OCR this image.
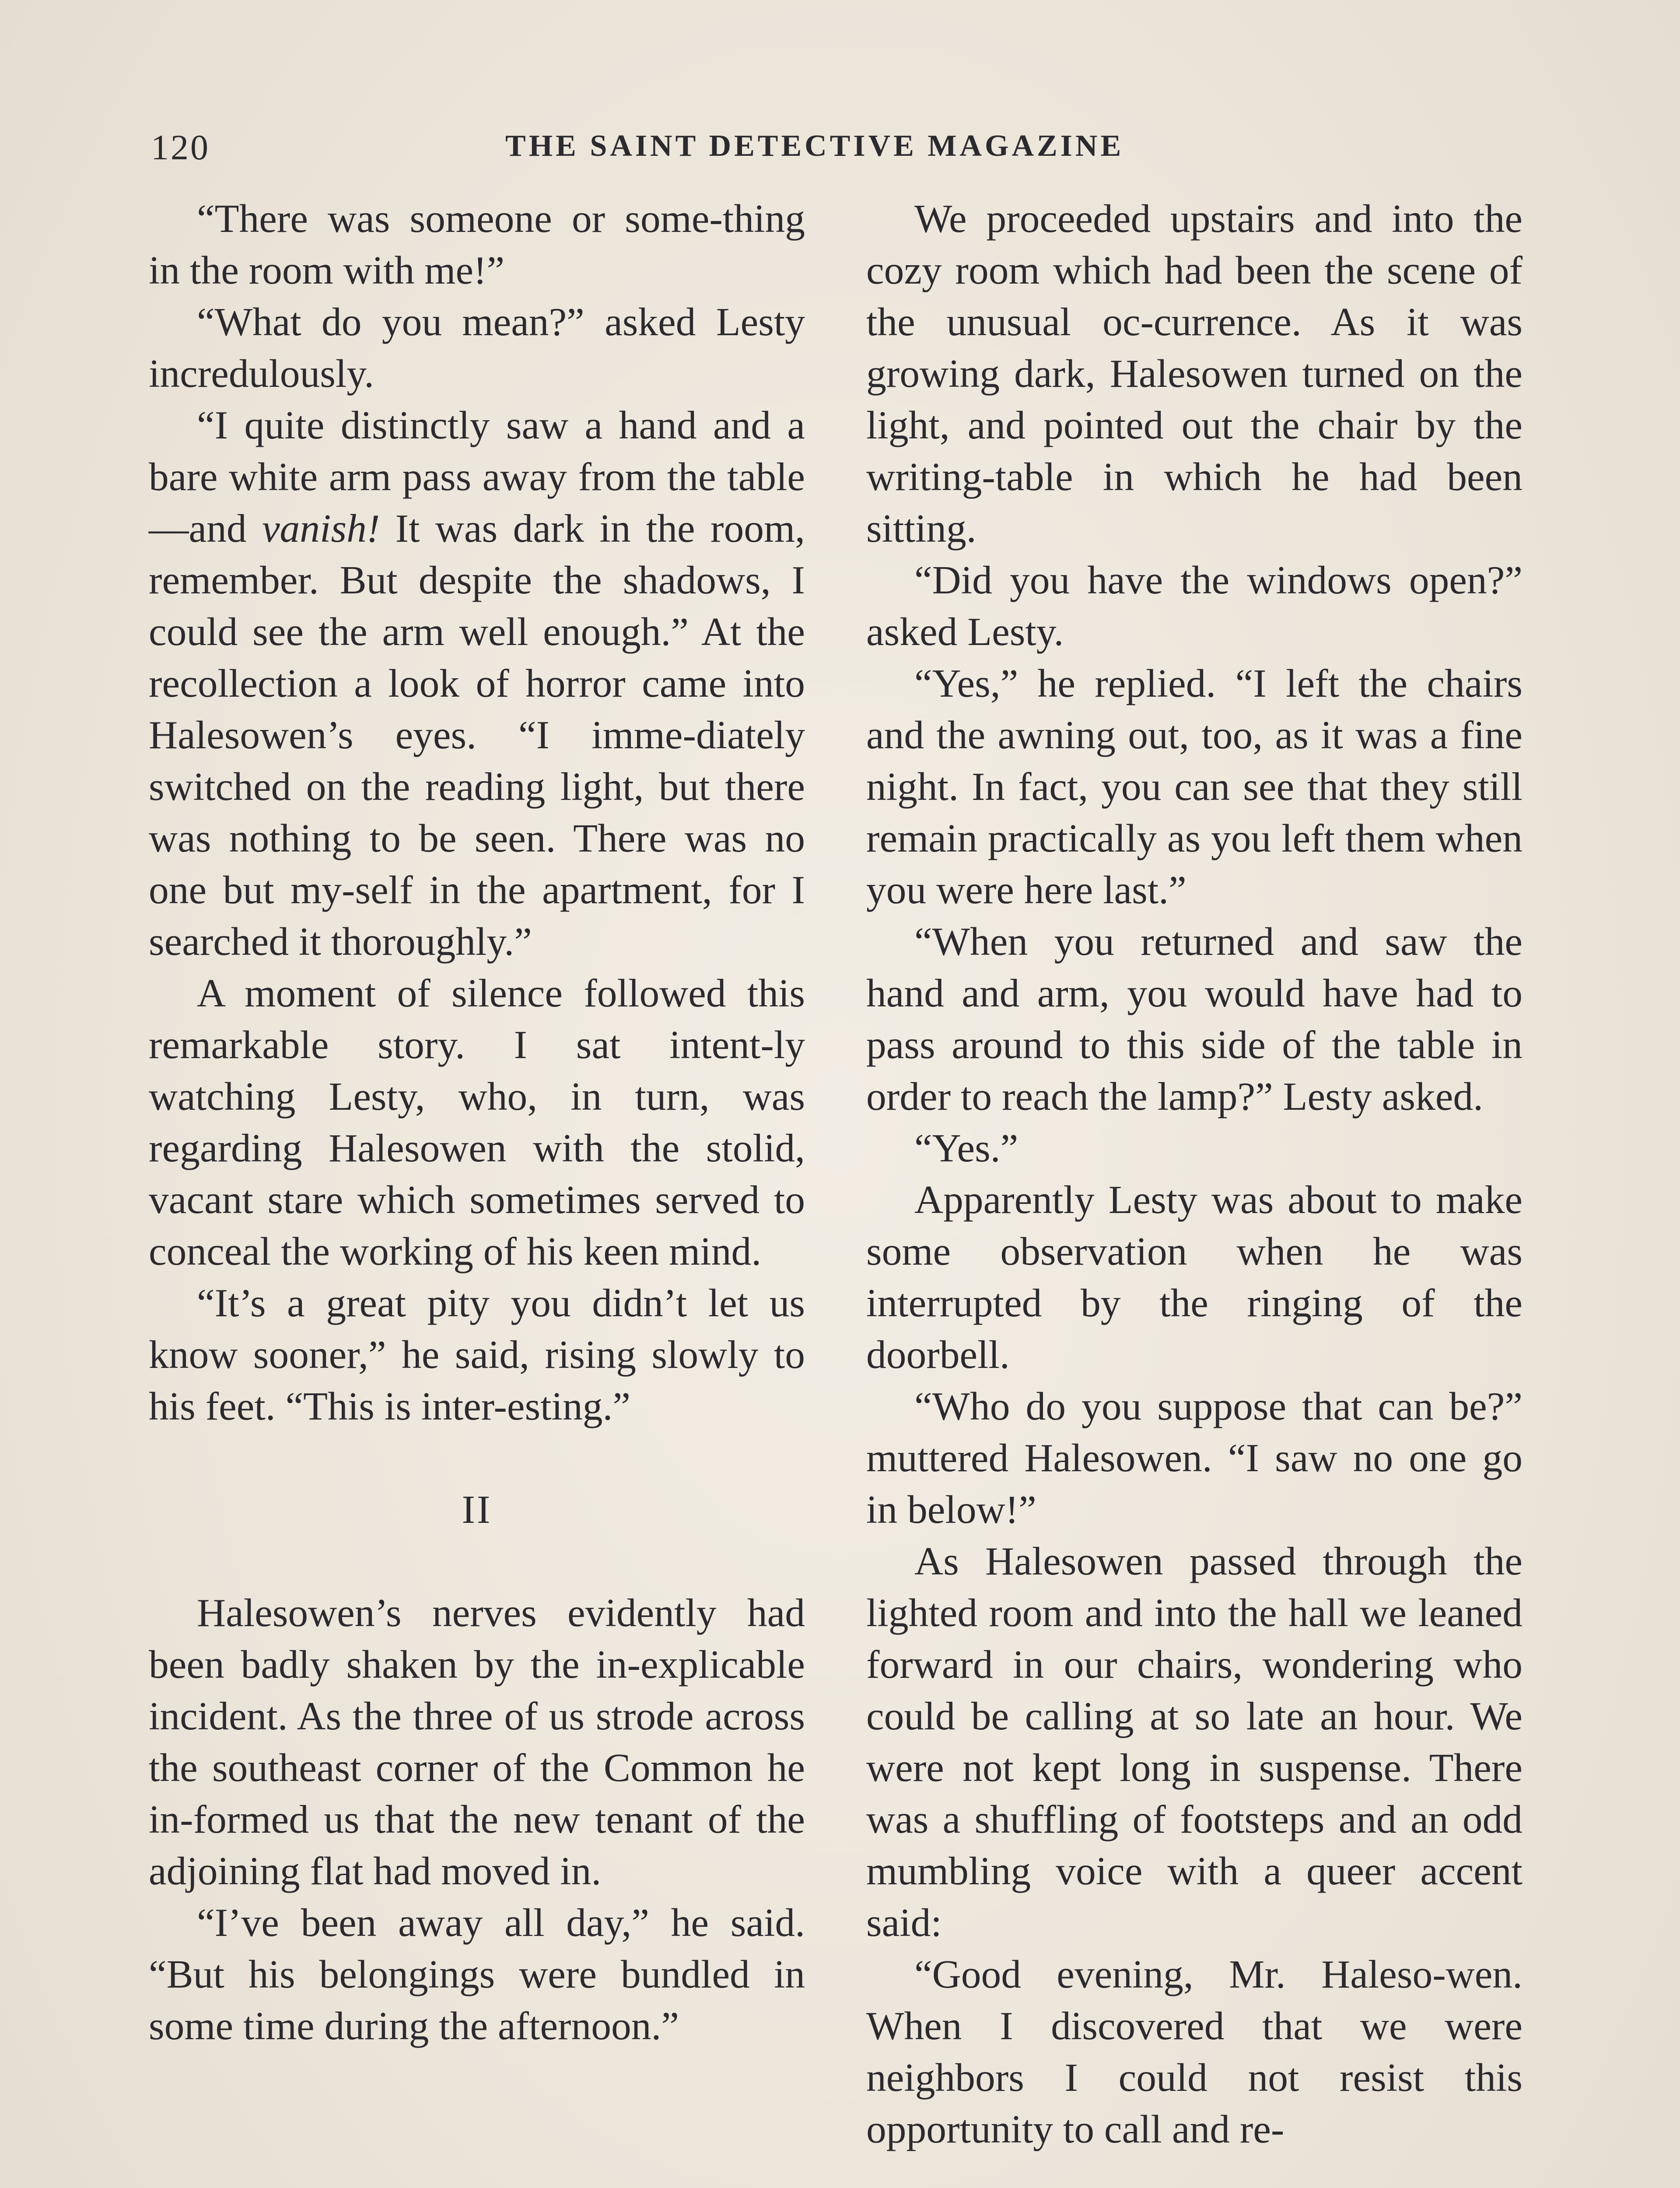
120	THE SAINT DETECTIVE MAGAZINE

“There was someone or some-thing in the room with me!”

“What do you mean?” asked Lesty incredulously.

“I quite distinctly saw a hand and a bare white arm pass away from the table—and vanish! It was dark in the room, remember. But despite the shadows, I could see the arm well enough.” At the recollection a look of horror came into Halesowen’s eyes. “I imme-diately switched on the reading light, but there was nothing to be seen. There was no one but my-self in the apartment, for I searched it thoroughly.”

A moment of silence followed this remarkable story. I sat intent-ly watching Lesty, who, in turn, was regarding Halesowen with the stolid, vacant stare which sometimes served to conceal the working of his keen mind.

“It’s a great pity you didn’t let us know sooner,” he said, rising slowly to his feet. “This is inter-esting.”

II

Halesowen’s nerves evidently had been badly shaken by the in-explicable incident. As the three of us strode across the southeast corner of the Common he in-formed us that the new tenant of the adjoining flat had moved in.

“I’ve been away all day,” he said. “But his belongings were bundled in some time during the afternoon.”

We proceeded upstairs and into the cozy room which had been the scene of the unusual oc-currence. As it was growing dark, Halesowen turned on the light, and pointed out the chair by the writing-table in which he had been sitting.

“Did you have the windows open?” asked Lesty.

“Yes,” he replied. “I left the chairs and the awning out, too, as it was a fine night. In fact, you can see that they still remain practically as you left them when you were here last.”

“When you returned and saw the hand and arm, you would have had to pass around to this side of the table in order to reach the lamp?” Lesty asked.

“Yes.”

Apparently Lesty was about to make some observation when he was interrupted by the ringing of the doorbell.

“Who do you suppose that can be?” muttered Halesowen. “I saw no one go in below!”

As Halesowen passed through the lighted room and into the hall we leaned forward in our chairs, wondering who could be calling at so late an hour. We were not kept long in suspense. There was a shuffling of footsteps and an odd mumbling voice with a queer accent said:

“Good evening, Mr. Haleso-wen. When I discovered that we were neighbors I could not resist this opportunity to call and re-
